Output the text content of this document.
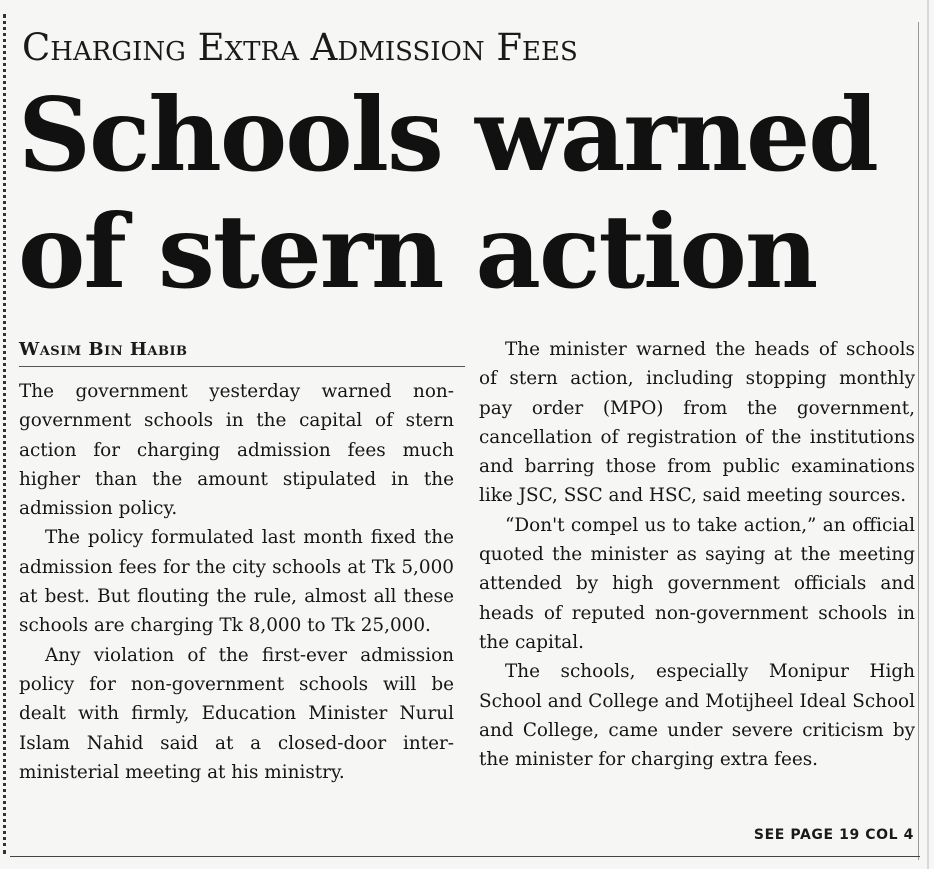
Charging Extra Admission Fees
Schools warned
of stern action
Wasim Bin Habib

The government yesterday warned non-government schools in the capital of stern action for charging admission fees much higher than the amount stipulated in the admission policy.

The policy formulated last month fixed the admission fees for the city schools at Tk 5,000 at best. But flouting the rule, almost all these schools are charging Tk 8,000 to Tk 25,000.

Any violation of the first-ever admission policy for non-government schools will be dealt with firmly, Education Minister Nurul Islam Nahid said at a closed-door inter-ministerial meeting at his ministry.

The minister warned the heads of schools of stern action, including stopping monthly pay order (MPO) from the government, cancellation of registration of the institutions and barring those from public examinations like JSC, SSC and HSC, said meeting sources.

“Don't compel us to take action,” an official quoted the minister as saying at the meeting attended by high government officials and heads of reputed non-government schools in the capital.

The schools, especially Monipur High School and College and Motijheel Ideal School and College, came under severe criticism by the minister for charging extra fees.

SEE PAGE 19 COL 4
